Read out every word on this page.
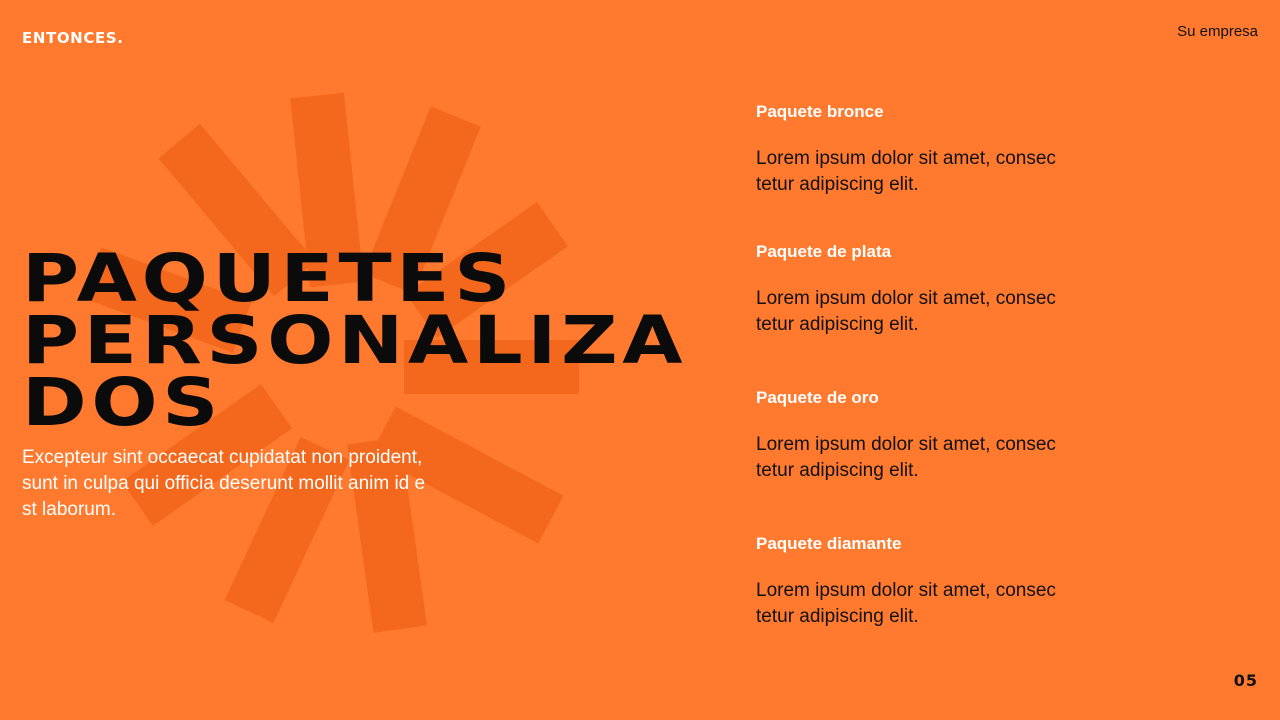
ENTONCES.	Su empresa
PAQUETES
PERSONALIZA
DOS

Excepteur sint occaecat cupidatat non proident, sunt in culpa qui officia deserunt mollit anim id est laborum.

Paquete bronce

Lorem ipsum dolor sit amet, consectetur adipiscing elit.

Paquete de plata

Lorem ipsum dolor sit amet, consectetur adipiscing elit.

Paquete de oro

Lorem ipsum dolor sit amet, consectetur adipiscing elit.

Paquete diamante

Lorem ipsum dolor sit amet, consectetur adipiscing elit.

05
